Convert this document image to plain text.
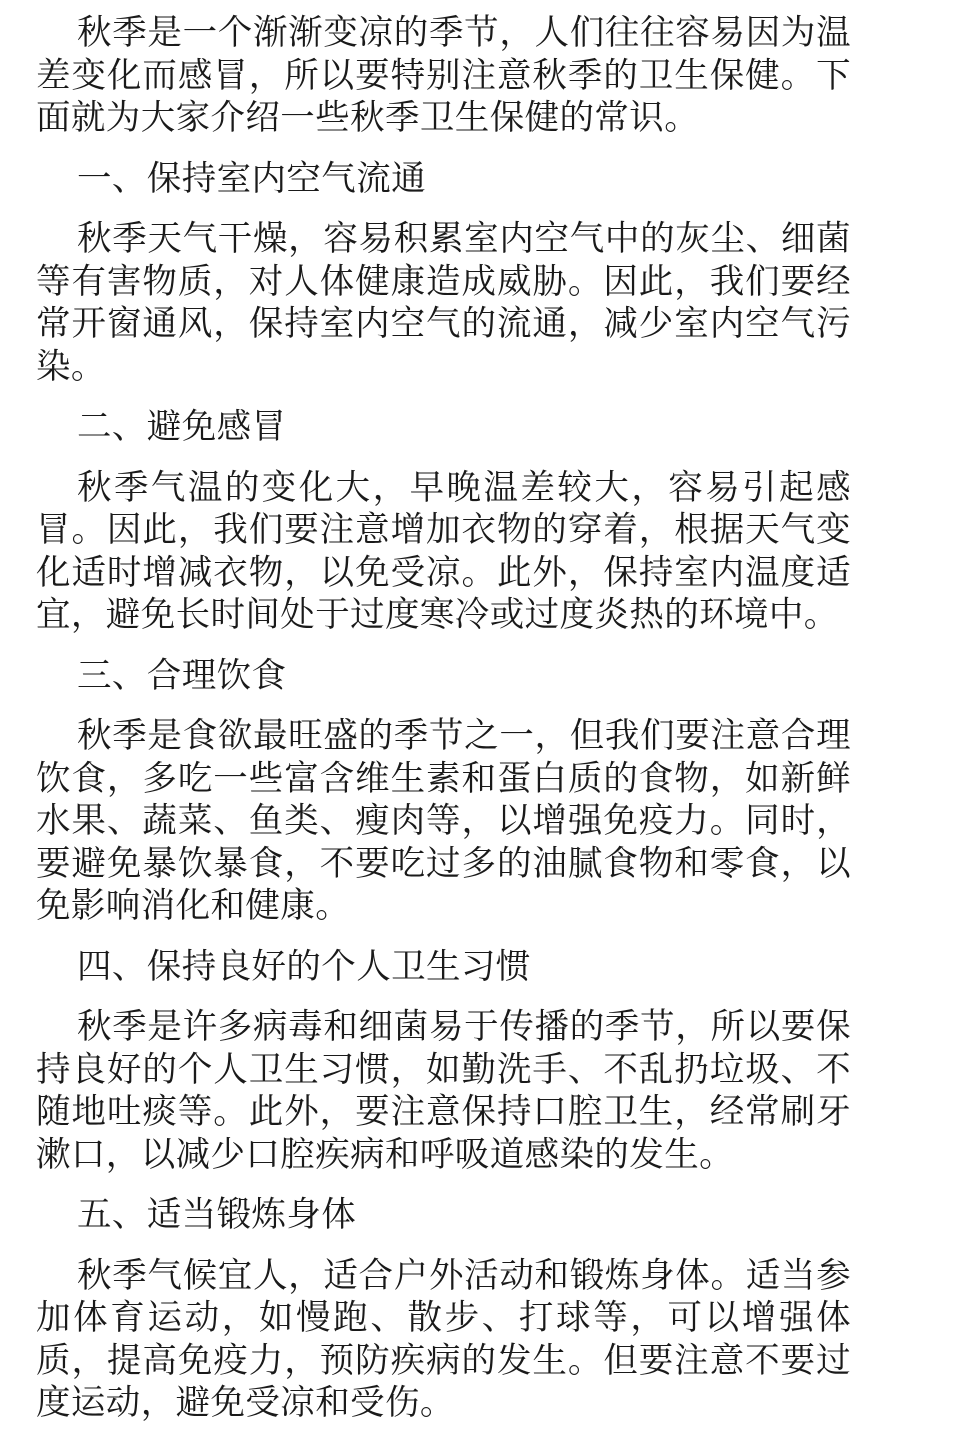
秋季是一个渐渐变凉的季节，人们往往容易因为温差变化而感冒，所以要特别注意秋季的卫生保健。下面就为大家介绍一些秋季卫生保健的常识。

一、保持室内空气流通

秋季天气干燥，容易积累室内空气中的灰尘、细菌等有害物质，对人体健康造成威胁。因此，我们要经常开窗通风，保持室内空气的流通，减少室内空气污染。

二、避免感冒

秋季气温的变化大，早晚温差较大，容易引起感冒。因此，我们要注意增加衣物的穿着，根据天气变化适时增减衣物，以免受凉。此外，保持室内温度适宜，避免长时间处于过度寒冷或过度炎热的环境中。

三、合理饮食

秋季是食欲最旺盛的季节之一，但我们要注意合理饮食，多吃一些富含维生素和蛋白质的食物，如新鲜水果、蔬菜、鱼类、瘦肉等，以增强免疫力。同时，要避免暴饮暴食，不要吃过多的油腻食物和零食，以免影响消化和健康。

四、保持良好的个人卫生习惯

秋季是许多病毒和细菌易于传播的季节，所以要保持良好的个人卫生习惯，如勤洗手、不乱扔垃圾、不随地吐痰等。此外，要注意保持口腔卫生，经常刷牙漱口，以减少口腔疾病和呼吸道感染的发生。

五、适当锻炼身体

秋季气候宜人，适合户外活动和锻炼身体。适当参加体育运动，如慢跑、散步、打球等，可以增强体质，提高免疫力，预防疾病的发生。但要注意不要过度运动，避免受凉和受伤。
